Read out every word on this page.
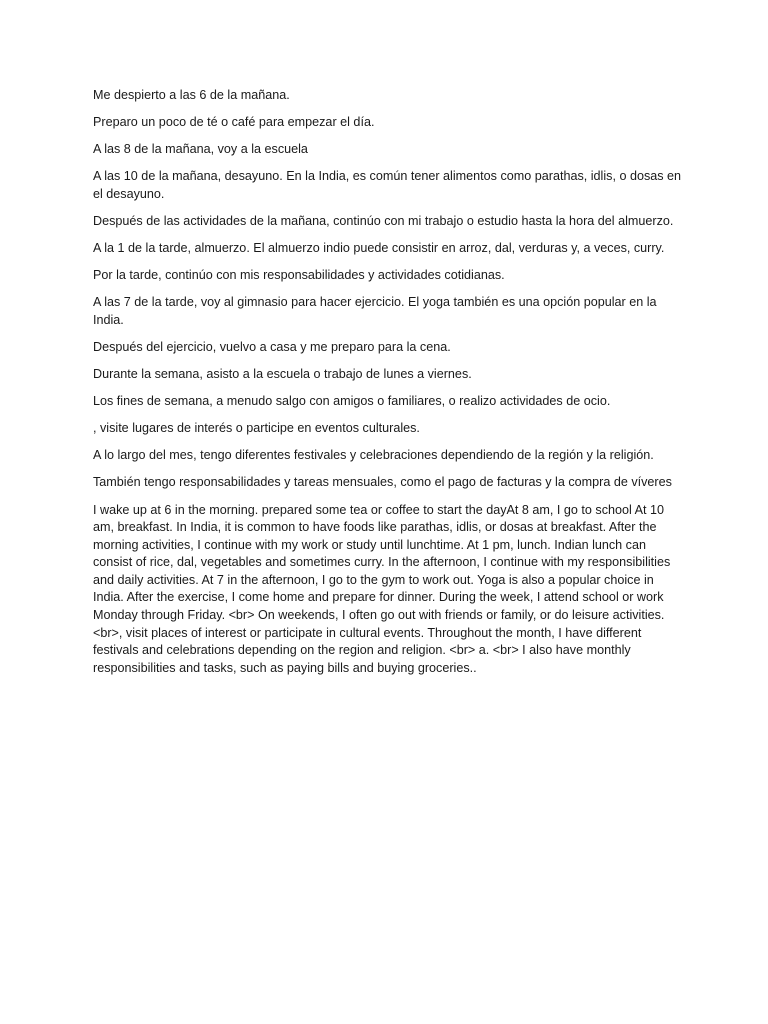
Me despierto a las 6 de la mañana.

Preparo un poco de té o café para empezar el día.

A las 8 de la mañana, voy a la escuela

A las 10 de la mañana, desayuno. En la India, es común tener alimentos como parathas, idlis, o dosas en el desayuno.

Después de las actividades de la mañana, continúo con mi trabajo o estudio hasta la hora del almuerzo.

A la 1 de la tarde, almuerzo. El almuerzo indio puede consistir en arroz, dal, verduras y, a veces, curry.

Por la tarde, continúo con mis responsabilidades y actividades cotidianas.

A las 7 de la tarde, voy al gimnasio para hacer ejercicio. El yoga también es una opción popular en la India.

Después del ejercicio, vuelvo a casa y me preparo para la cena.

Durante la semana, asisto a la escuela o trabajo de lunes a viernes.

Los fines de semana, a menudo salgo con amigos o familiares, o realizo actividades de ocio.

, visite lugares de interés o participe en eventos culturales.

A lo largo del mes, tengo diferentes festivales y celebraciones dependiendo de la región y la religión.

También tengo responsabilidades y tareas mensuales, como el pago de facturas y la compra de víveres

I wake up at 6 in the morning. prepared some tea or coffee to start the dayAt 8 am, I go to school At 10 am, breakfast. In India, it is common to have foods like parathas, idlis, or dosas at breakfast. After the morning activities, I continue with my work or study until lunchtime. At 1 pm, lunch. Indian lunch can consist of rice, dal, vegetables and sometimes curry. In the afternoon, I continue with my responsibilities and daily activities. At 7 in the afternoon, I go to the gym to work out. Yoga is also a popular choice in India. After the exercise, I come home and prepare for dinner. During the week, I attend school or work Monday through Friday. <br> On weekends, I often go out with friends or family, or do leisure activities. <br>, visit places of interest or participate in cultural events. Throughout the month, I have different festivals and celebrations depending on the region and religion. <br> a. <br> I also have monthly responsibilities and tasks, such as paying bills and buying groceries..
